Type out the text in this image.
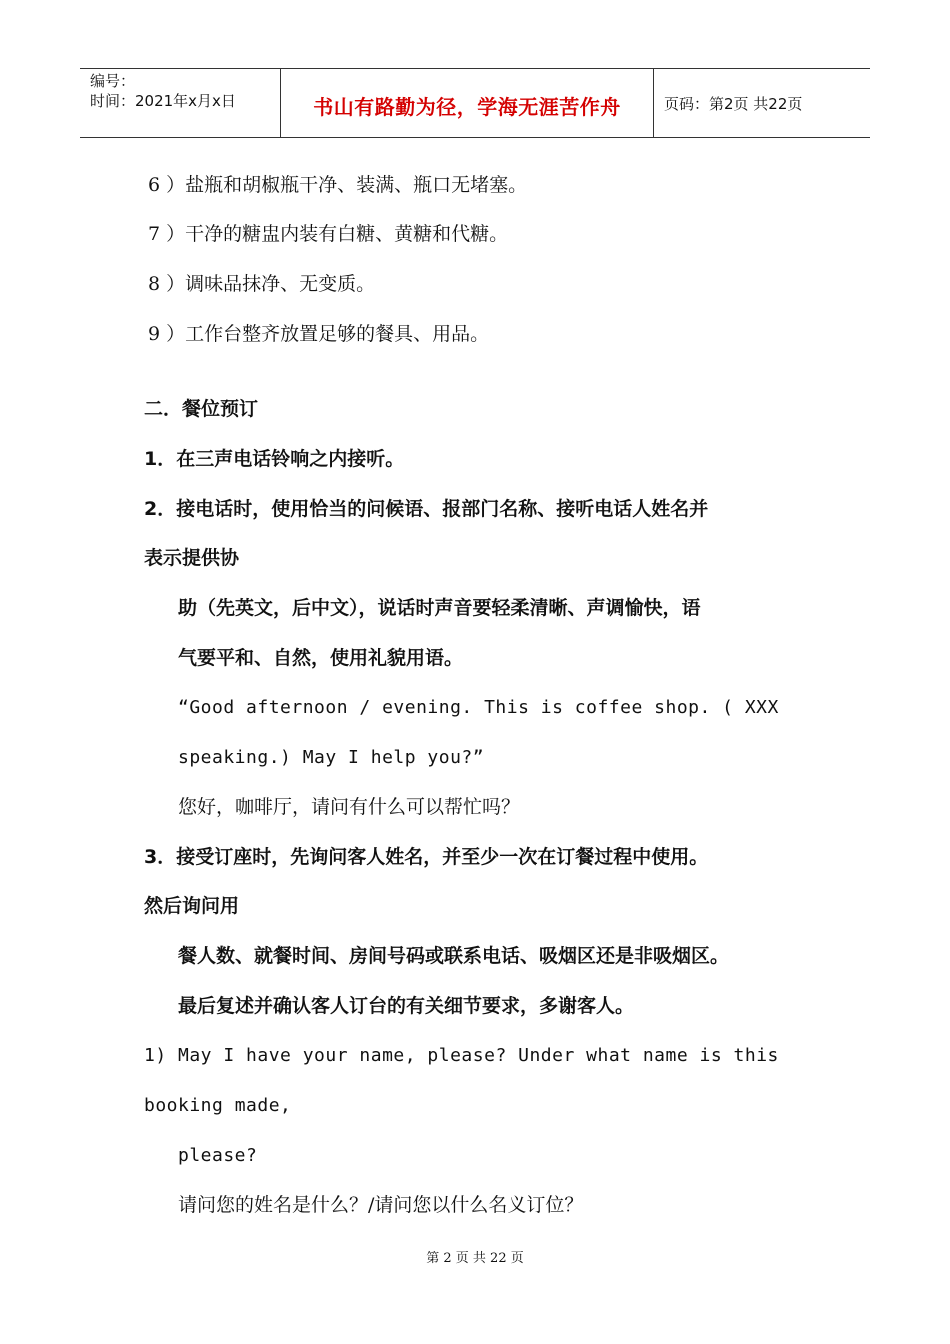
编号：
时间：2021年x月x日	书山有路勤为径，学海无涯苦作舟	页码：第2页 共22页
6 ）盐瓶和胡椒瓶干净、装满、瓶口无堵塞。
7 ）干净的糖盅内装有白糖、黄糖和代糖。
8 ）调味品抹净、无变质。
9 ）工作台整齐放置足够的餐具、用品。
二．餐位预订
1．在三声电话铃响之内接听。
2．接电话时，使用恰当的问候语、报部门名称、接听电话人姓名并
表示提供协
助（先英文，后中文），说话时声音要轻柔清晰、声调愉快，语
气要平和、自然，使用礼貌用语。
“Good afternoon / evening. This is coffee shop. ( XXX
speaking.) May I help you?”
您好，咖啡厅，请问有什么可以帮忙吗？
3．接受订座时，先询问客人姓名，并至少一次在订餐过程中使用。
然后询问用
餐人数、就餐时间、房间号码或联系电话、吸烟区还是非吸烟区。
最后复述并确认客人订台的有关细节要求，多谢客人。
1) May I have your name, please? Under what name is this
booking made,
please?
请问您的姓名是什么？/请问您以什么名义订位？
第 2 页 共 22 页
